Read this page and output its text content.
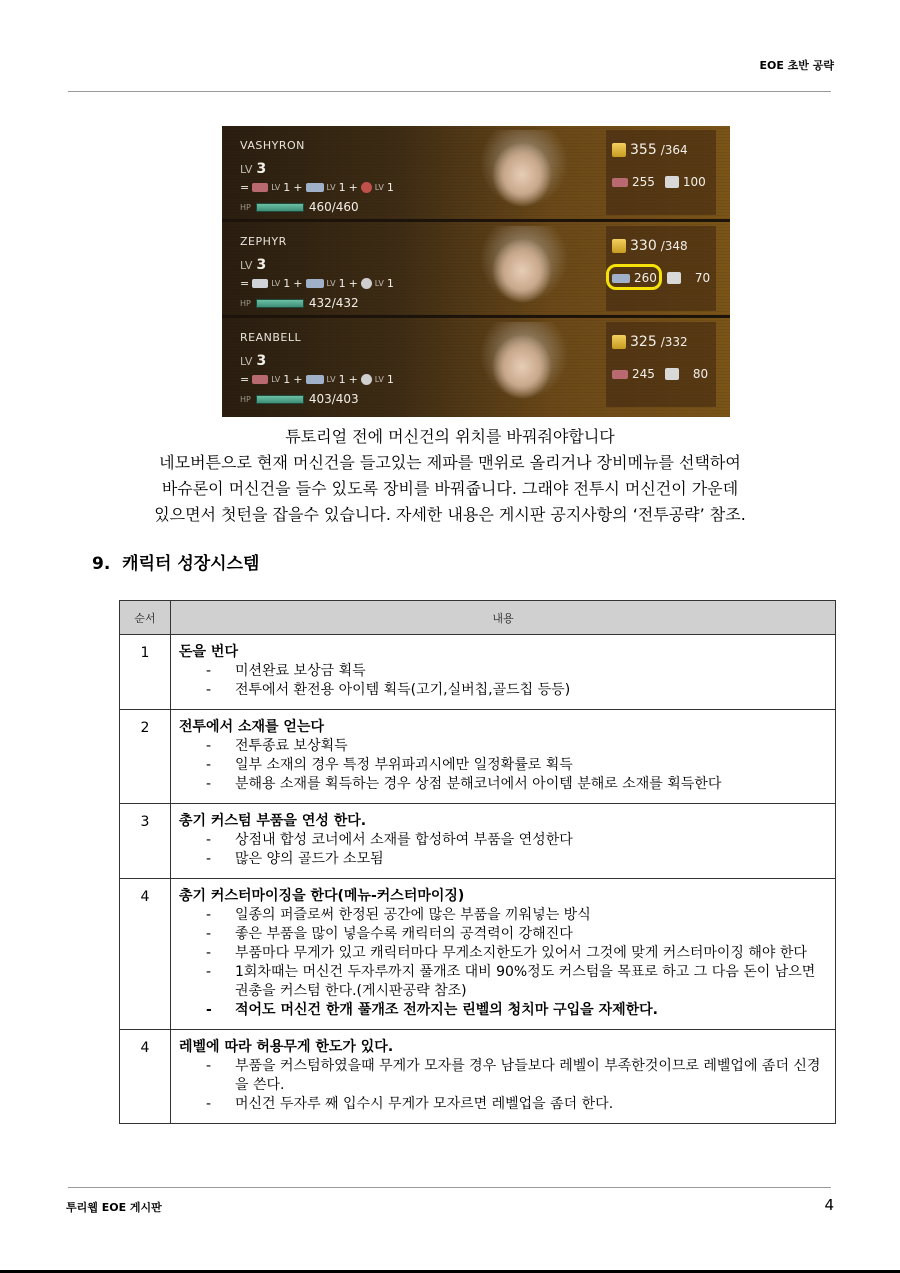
EOE 초반 공략
VASHYRON
LV 3
=	LV 1 +	LV 1 + LV 1
HP	460/460
355 /364
255 100
ZEPHYR
LV 3
=	LV 1 +	LV 1 + LV 1
HP	432/432
330 /348
260	70
REANBELL
LV 3
=	LV 1 +	LV 1 + LV 1
HP	403/403
325 /332
245	80
튜토리얼 전에 머신건의 위치를 바꿔줘야합니다
네모버튼으로 현재 머신건을 들고있는 제파를 맨위로 올리거나 장비메뉴를 선택하여
바슈론이 머신건을 들수 있도록 장비를 바꿔줍니다. 그래야 전투시 머신건이 가운데
있으면서 첫턴을 잡을수 있습니다. 자세한 내용은 게시판 공지사항의 ‘전투공략’ 참조.
9. 캐릭터 성장시스템
순서	내용
1	돈을 번다
- 미션완료 보상금 획득
- 전투에서 환전용 아이템 획득(고기,실버칩,골드칩 등등)

2	전투에서 소재를 얻는다
- 전투종료 보상획득
- 일부 소재의 경우 특정 부위파괴시에만 일정확률로 획득
- 분해용 소재를 획득하는 경우 상점 분해코너에서 아이템 분해로 소재를 획득한다

3	총기 커스텀 부품을 연성 한다.
- 상점내 합성 코너에서 소재를 합성하여 부품을 연성한다
- 많은 양의 골드가 소모됨

4	총기 커스터마이징을 한다(메뉴-커스터마이징)
- 일종의 퍼즐로써 한정된 공간에 많은 부품을 끼워넣는 방식
- 좋은 부품을 많이 넣을수록 캐릭터의 공격력이 강해진다
- 부품마다 무게가 있고 캐릭터마다 무게소지한도가 있어서 그것에 맞게 커스터마이징 해야 한다
- 1회차때는 머신건 두자루까지 풀개조 대비 90%정도 커스텀을 목표로 하고 그 다음 돈이 남으면 권총을 커스텀 한다.(게시판공략 참조)
- 적어도 머신건 한개 풀개조 전까지는 린벨의 청치마 구입을 자제한다.

4	레벨에 따라 허용무게 한도가 있다.
- 부품을 커스텀하였을때 무게가 모자를 경우 남들보다 레벨이 부족한것이므로 레벨업에 좀더 신경을 쓴다.
- 머신건 두자루 째 입수시 무게가 모자르면 레벨업을 좀더 한다.
투리웹 EOE 게시판	4
